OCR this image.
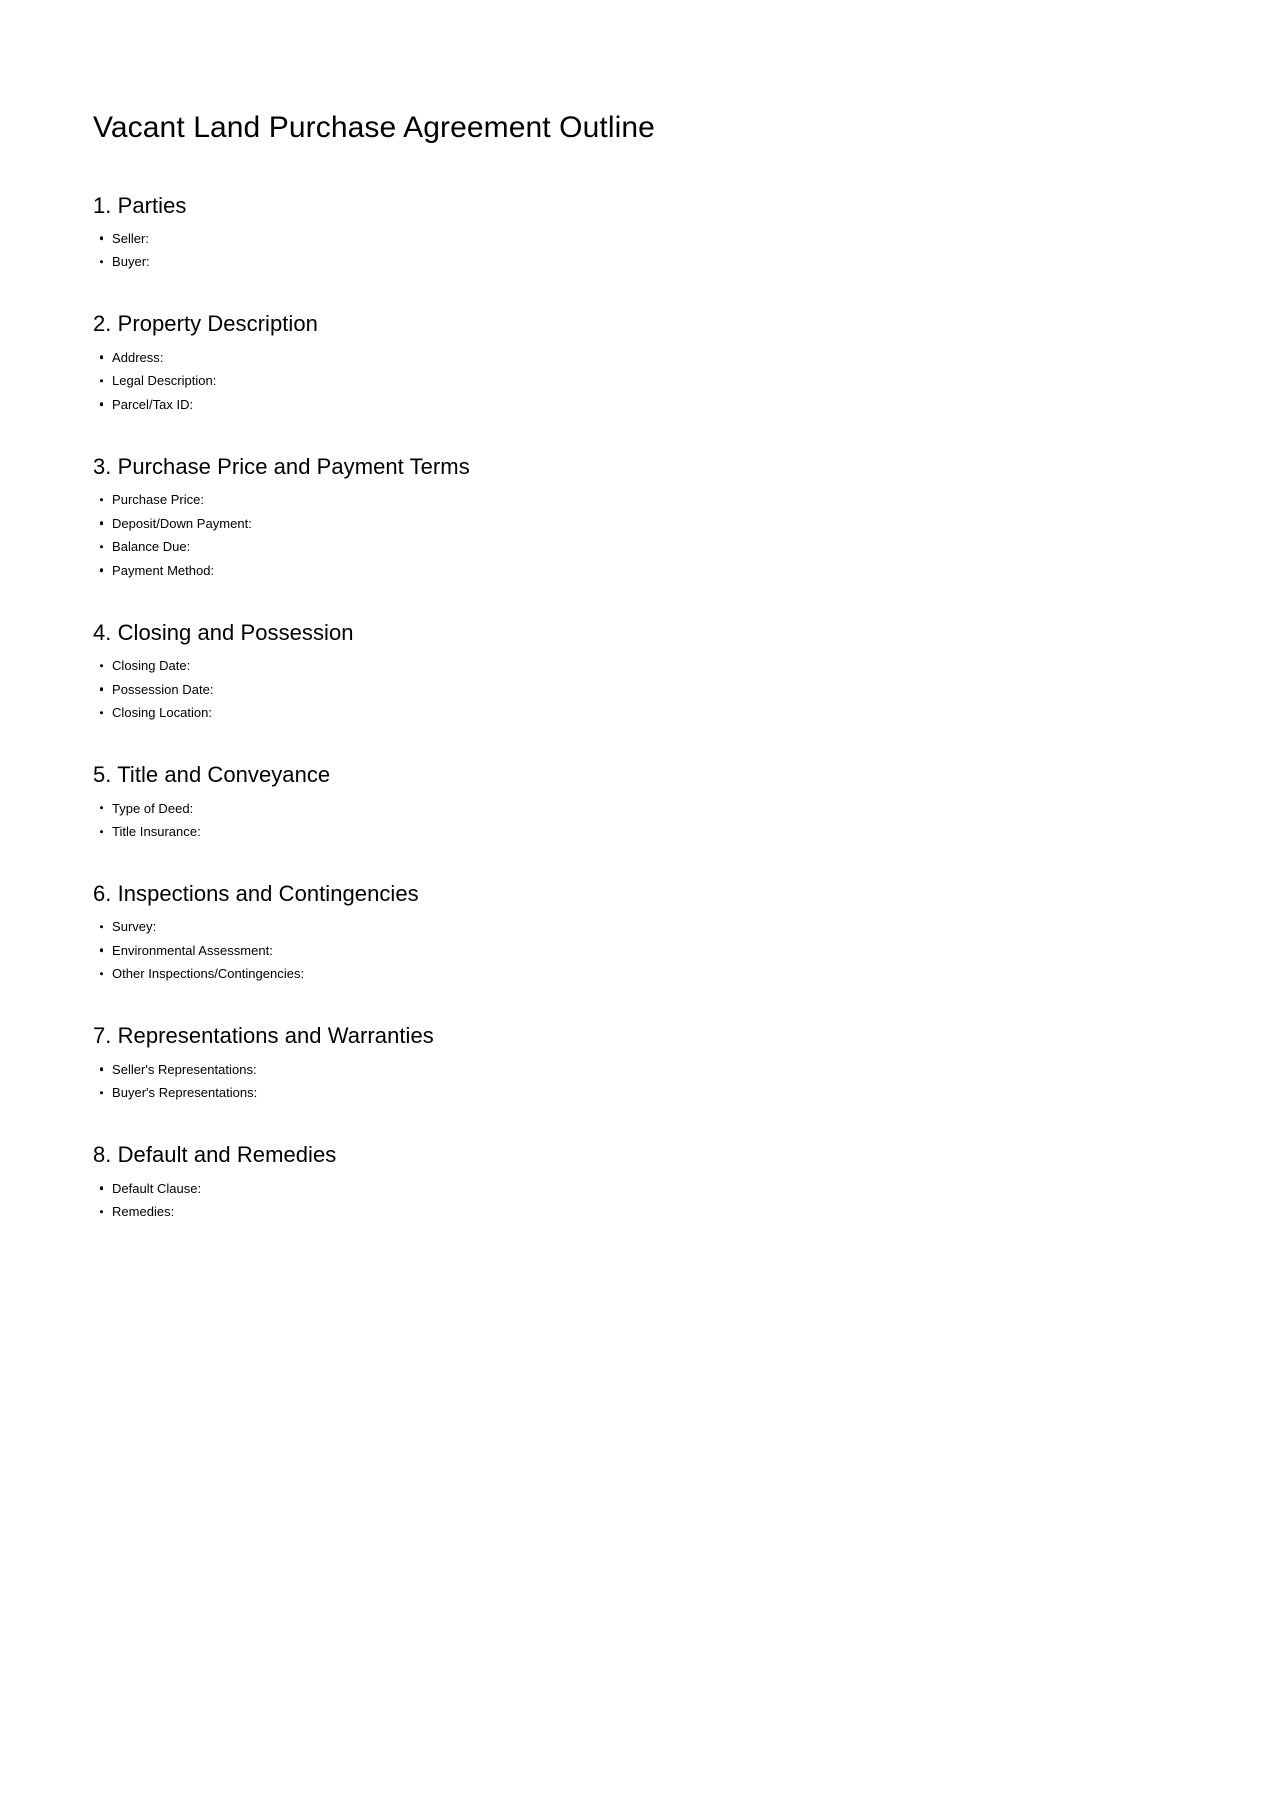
Vacant Land Purchase Agreement Outline
1. Parties
Seller:
Buyer:
2. Property Description
Address:
Legal Description:
Parcel/Tax ID:
3. Purchase Price and Payment Terms
Purchase Price:
Deposit/Down Payment:
Balance Due:
Payment Method:
4. Closing and Possession
Closing Date:
Possession Date:
Closing Location:
5. Title and Conveyance
Type of Deed:
Title Insurance:
6. Inspections and Contingencies
Survey:
Environmental Assessment:
Other Inspections/Contingencies:
7. Representations and Warranties
Seller's Representations:
Buyer's Representations:
8. Default and Remedies
Default Clause:
Remedies:
